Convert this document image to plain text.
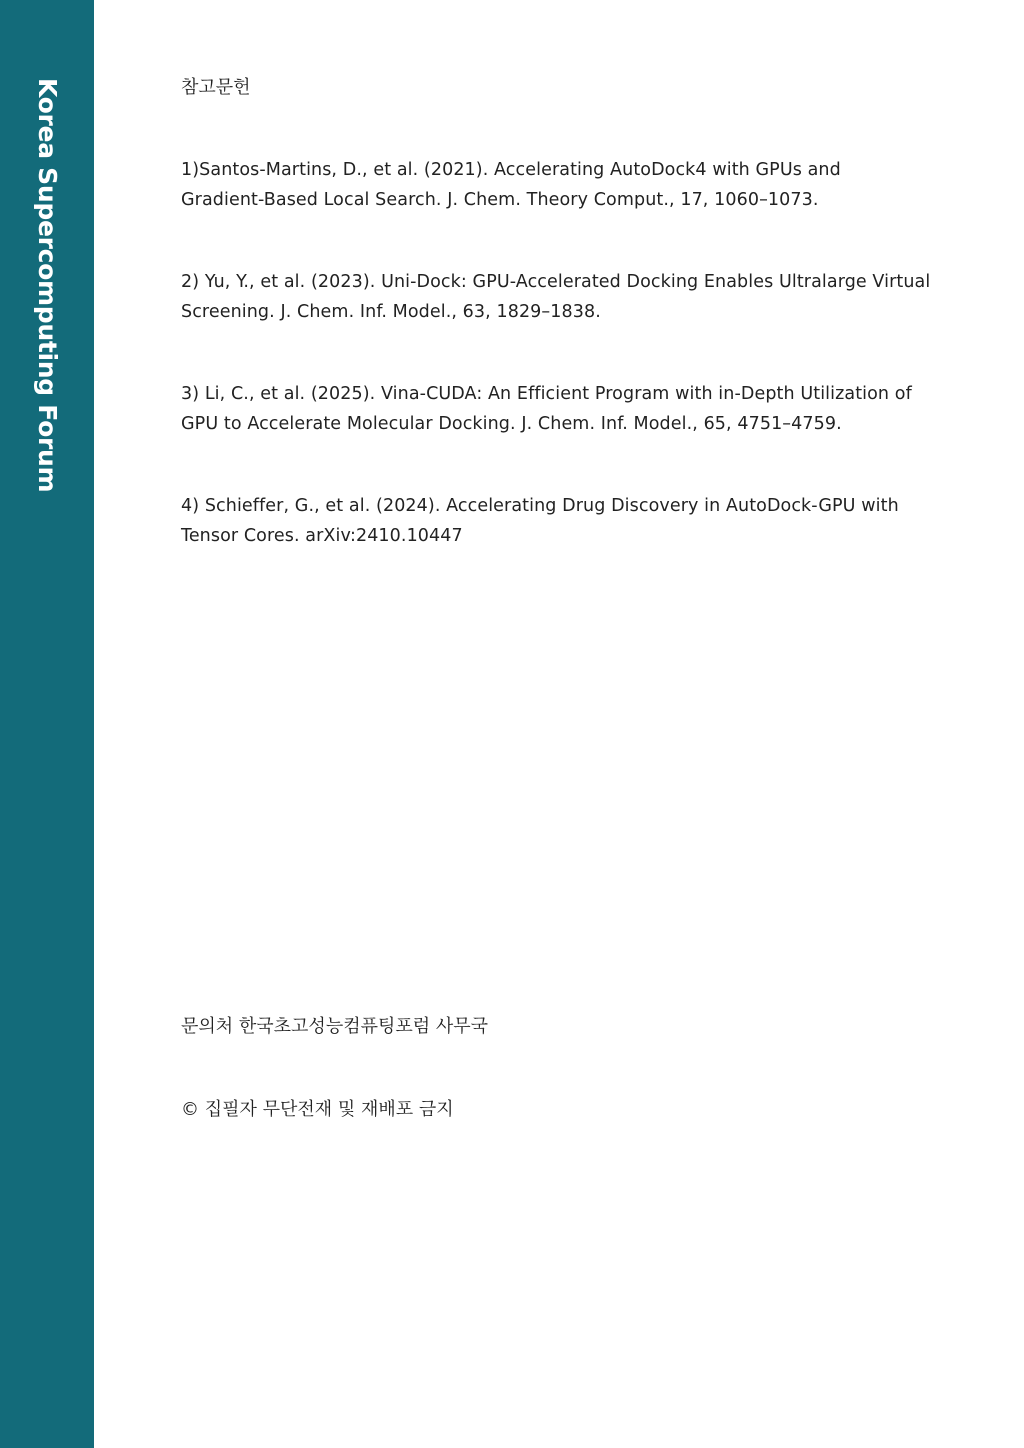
Korea Supercomputing Forum	참고문헌
1)Santos-Martins, D., et al. (2021). Accelerating AutoDock4 with GPUs and
Gradient-Based Local Search. J. Chem. Theory Comput., 17, 1060–1073.
2) Yu, Y., et al. (2023). Uni-Dock: GPU-Accelerated Docking Enables Ultralarge Virtual
Screening. J. Chem. Inf. Model., 63, 1829–1838.
3) Li, C., et al. (2025). Vina-CUDA: An Efficient Program with in-Depth Utilization of
GPU to Accelerate Molecular Docking. J. Chem. Inf. Model., 65, 4751–4759.
4) Schieffer, G., et al. (2024). Accelerating Drug Discovery in AutoDock-GPU with
Tensor Cores. arXiv:2410.10447
문의처 한국초고성능컴퓨팅포럼 사무국
© 집필자 무단전재 및 재배포 금지
